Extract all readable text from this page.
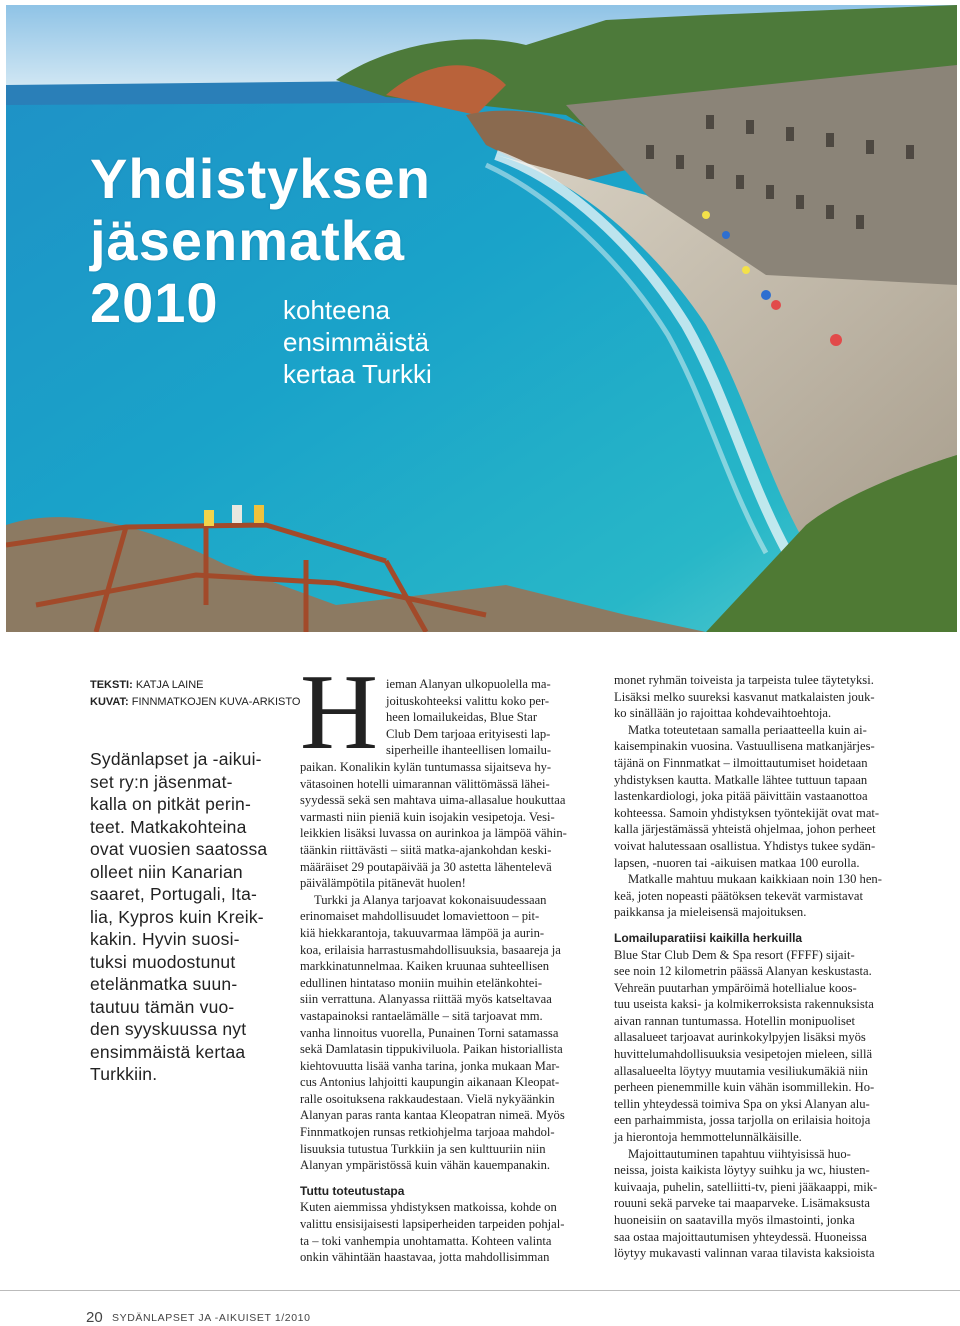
Yhdistyksen
jäsenmatka
2010	kohteena
ensimmäistä
kertaa Turkki
TEKSTI: KATJA LAINE
KUVAT: FINNMATKOJEN KUVA-ARKISTO
Sydänlapset ja -aikui-
set ry:n jäsenmat-
kalla on pitkät perin-
teet. Matkakohteina
ovat vuosien saatossa
olleet niin Kanarian
saaret, Portugali, Ita-
lia, Kypros kuin Kreik-
kakin. Hyvin suosi-
tuksi muodostunut
etelänmatka suun-
tautuu tämän vuo-
den syyskuussa nyt
ensimmäistä kertaa
Turkkiin.
H ieman Alanyan ulkopuolella ma-
joituskohteeksi valittu koko per-
heen lomailukeidas, Blue Star
Club Dem tarjoaa erityisesti lap-
siperheille ihanteellisen lomailu-
paikan. Konalikin kylän tuntumassa sijaitseva hy-
vätasoinen hotelli uimarannan välittömässä lähei-
syydessä sekä sen mahtava uima-allasalue houkuttaa
varmasti niin pieniä kuin isojakin vesipetoja. Vesi-
leikkien lisäksi luvassa on aurinkoa ja lämpöä vähin-
täänkin riittävästi – siitä matka-ajankohdan keski-
määräiset 29 poutapäivää ja 30 astetta lähentelevä
päivälämpötila pitänevät huolen!
Turkki ja Alanya tarjoavat kokonaisuudessaan
erinomaiset mahdollisuudet lomaviettoon – pit-
kiä hiekkarantoja, takuuvarmaa lämpöä ja aurin-
koa, erilaisia harrastusmahdollisuuksia, basaareja ja
markkinatunnelmaa. Kaiken kruunaa suhteellisen
edullinen hintataso moniin muihin etelänkohtei-
siin verrattuna. Alanyassa riittää myös katseltavaa
vastapainoksi rantaelämälle – sitä tarjoavat mm.
vanha linnoitus vuorella, Punainen Torni satamassa
sekä Damlatasin tippukiviluola. Paikan historiallista
kiehtovuutta lisää vanha tarina, jonka mukaan Mar-
cus Antonius lahjoitti kaupungin aikanaan Kleopat-
ralle osoituksena rakkaudestaan. Vielä nykyäänkin
Alanyan paras ranta kantaa Kleopatran nimeä. Myös
Finnmatkojen runsas retkiohjelma tarjoaa mahdol-
lisuuksia tutustua Turkkiin ja sen kulttuuriin niin
Alanyan ympäristössä kuin vähän kauempanakin.
Tuttu toteutustapa
Kuten aiemmissa yhdistyksen matkoissa, kohde on
valittu ensisijaisesti lapsiperheiden tarpeiden pohjal-
ta – toki vanhempia unohtamatta. Kohteen valinta
onkin vähintään haastavaa, jotta mahdollisimman
monet ryhmän toiveista ja tarpeista tulee täytetyksi.
Lisäksi melko suureksi kasvanut matkalaisten jouk-
ko sinällään jo rajoittaa kohdevaihtoehtoja.
Matka toteutetaan samalla periaatteella kuin ai-
kaisempinakin vuosina. Vastuullisena matkanjärjes-
täjänä on Finnmatkat – ilmoittautumiset hoidetaan
yhdistyksen kautta. Matkalle lähtee tuttuun tapaan
lastenkardiologi, joka pitää päivittäin vastaanottoa
kohteessa. Samoin yhdistyksen työntekijät ovat mat-
kalla järjestämässä yhteistä ohjelmaa, johon perheet
voivat halutessaan osallistua. Yhdistys tukee sydän-
lapsen, -nuoren tai -aikuisen matkaa 100 eurolla.
Matkalle mahtuu mukaan kaikkiaan noin 130 hen-
keä, joten nopeasti päätöksen tekevät varmistavat
paikkansa ja mieleisensä majoituksen.
Lomailuparatiisi kaikilla herkuilla
Blue Star Club Dem & Spa resort (FFFF) sijait-
see noin 12 kilometrin päässä Alanyan keskustasta.
Vehreän puutarhan ympäröimä hotellialue koos-
tuu useista kaksi- ja kolmikerroksista rakennuksista
aivan rannan tuntumassa. Hotellin monipuoliset
allasalueet tarjoavat aurinkokylpyjen lisäksi myös
huvittelumahdollisuuksia vesipetojen mieleen, sillä
allasalueelta löytyy muutamia vesiliukumäkiä niin
perheen pienemmille kuin vähän isommillekin. Ho-
tellin yhteydessä toimiva Spa on yksi Alanyan alu-
een parhaimmista, jossa tarjolla on erilaisia hoitoja
ja hierontoja hemmottelunnälkäisille.
Majoittautuminen tapahtuu viihtyisissä huo-
neissa, joista kaikista löytyy suihku ja wc, hiusten-
kuivaaja, puhelin, satelliitti-tv, pieni jääkaappi, mik-
rouuni sekä parveke tai maaparveke. Lisämaksusta
huoneisiin on saatavilla myös ilmastointi, jonka
saa ostaa majoittautumisen yhteydessä. Huoneissa
löytyy mukavasti valinnan varaa tilavista kaksioista
20 SYDÄNLAPSET JA -AIKUISET 1/2010
